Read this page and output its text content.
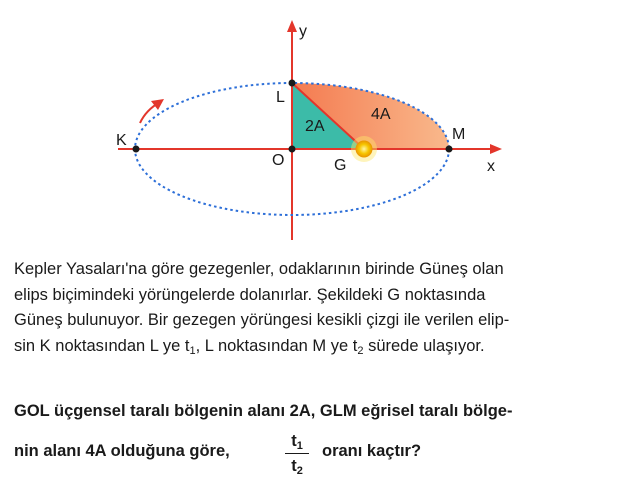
y
x
K
L
O	G
M
2A
4A

Kepler Yasaları'na göre gezegenler, odaklarının birinde Güneş olan
elips biçimindeki yörüngelerde dolanırlar. Şekildeki G noktasında
Güneş bulunuyor. Bir gezegen yörüngesi kesikli çizgi ile verilen elip-
sin K noktasından L ye $t_1$, L noktasından M ye $t_2$ sürede ulaşıyor.

GOL üçgensel taralı bölgenin alanı 2A, GLM eğrisel taralı bölge-

nin alanı 4A olduğuna göre,
$t_1$
$t_2$
oranı kaçtır?
